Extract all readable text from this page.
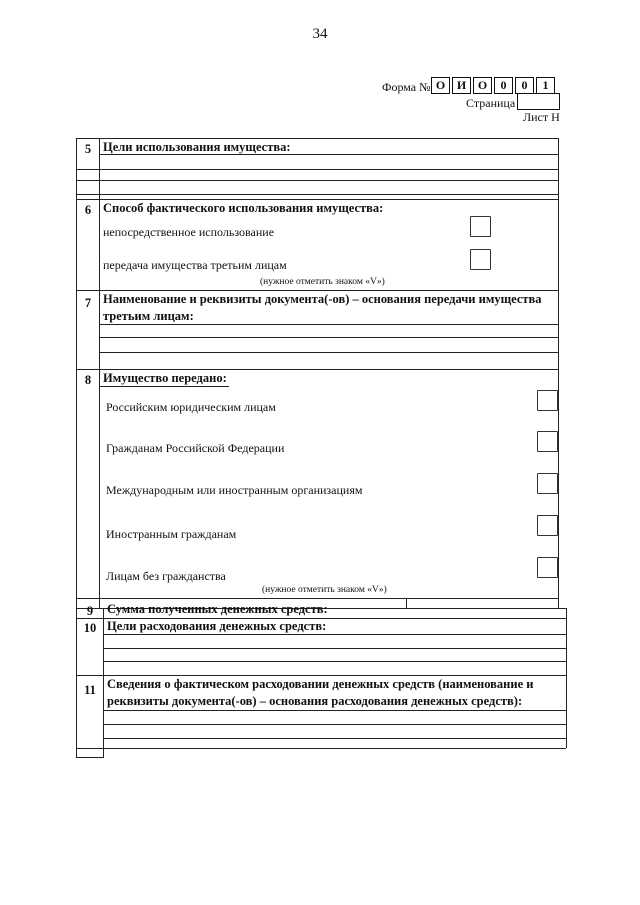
34
Форма № О И О	0	0	1
Страница
Лист Н
5 Цели использования имущества:
6 Способ фактического использования имущества:
непосредственное использование
передача имущества третьим лицам
(нужное отметить знаком «V»)
7 Наименование и реквизиты документа(-ов) – основания передачи имущества
третьим лицам:
8 Имущество передано:
Российским юридическим лицам
Гражданам Российской Федерации
Международным или иностранным организациям
Иностранным гражданам
Лицам без гражданства
(нужное отметить знаком «V»)
9	Сумма полученных денежных средств:
10 Цели расходования денежных средств:
11 Сведения о фактическом расходовании денежных средств (наименование и
реквизиты документа(-ов) – основания расходования денежных средств):
